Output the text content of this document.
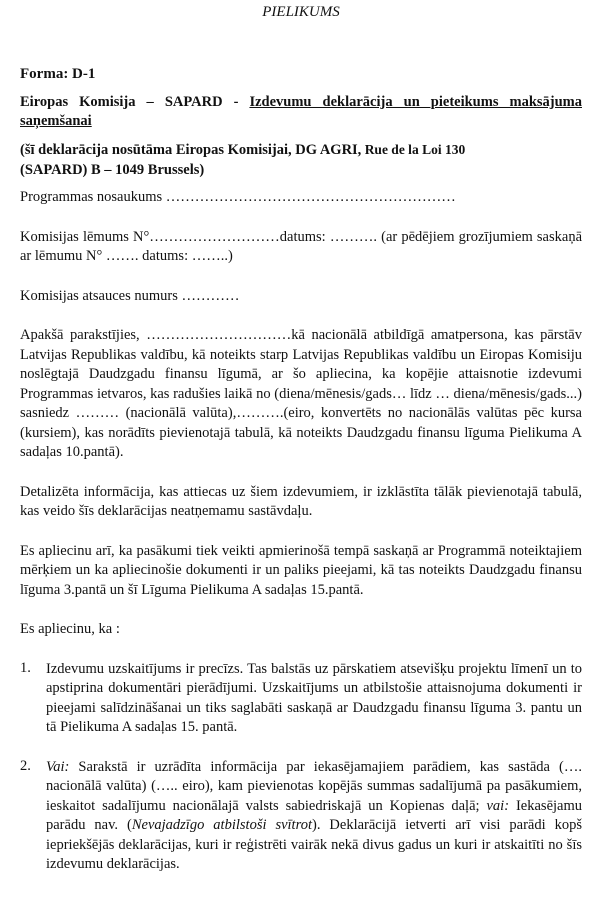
PIELIKUMS
Forma: D-1
Eiropas Komisija – SAPARD - Izdevumu deklarācija un pieteikums maksājuma saņemšanai
(šī deklarācija nosūtāma Eiropas Komisijai, DG AGRI, Rue de la Loi 130
(SAPARD) B – 1049 Brussels)

Programmas nosaukums ……………………………………………………

Komisijas lēmums N°………………………datums: ………. (ar pēdējiem grozījumiem saskaņā ar lēmumu N° ……. datums: ……..)

Komisijas atsauces numurs …………

Apakšā parakstījies, …………………………kā nacionālā atbildīgā amatpersona, kas pārstāv Latvijas Republikas valdību, kā noteikts starp Latvijas Republikas valdību un Eiropas Komisiju noslēgtajā Daudzgadu finansu līgumā, ar šo apliecina, ka kopējie attaisnotie izdevumi Programmas ietvaros, kas radušies laikā no (diena/mēnesis/gads… līdz … diena/mēnesis/gads...) sasniedz ……… (nacionālā valūta),……….(eiro, konvertēts no nacionālās valūtas pēc kursa (kursiem), kas norādīts pievienotajā tabulā, kā noteikts Daudzgadu finansu līguma Pielikuma A sadaļas 10.pantā).

Detalizēta informācija, kas attiecas uz šiem izdevumiem, ir izklāstīta tālāk pievienotajā tabulā, kas veido šīs deklarācijas neatņemamu sastāvdaļu.

Es apliecinu arī, ka pasākumi tiek veikti apmierinošā tempā saskaņā ar Programmā noteiktajiem mērķiem un ka apliecinošie dokumenti ir un paliks pieejami, kā tas noteikts Daudzgadu finansu līguma 3.pantā un šī Līguma Pielikuma A sadaļas 15.pantā.

Es apliecinu, ka :

1.	Izdevumu uzskaitījums ir precīzs. Tas balstās uz pārskatiem atsevišķu projektu līmenī un to apstiprina dokumentāri pierādījumi. Uzskaitījums un atbilstošie attaisnojuma dokumenti ir pieejami salīdzināšanai un tiks saglabāti saskaņā ar Daudzgadu finansu līguma 3. pantu un tā Pielikuma A sadaļas 15. pantā.
2.	Vai: Sarakstā ir uzrādīta informācija par iekasējamajiem parādiem, kas sastāda (…. nacionālā valūta) (….. eiro), kam pievienotas kopējās summas sadalījumā pa pasākumiem, ieskaitot sadalījumu nacionālajā valsts sabiedriskajā un Kopienas daļā; vai: Iekasējamu parādu nav. (Nevajadzīgo atbilstoši svītrot). Deklarācijā ietverti arī visi parādi kopš iepriekšējās deklarācijas, kuri ir reģistrēti vairāk nekā divus gadus un kuri ir atskaitīti no šīs izdevumu deklarācijas.
